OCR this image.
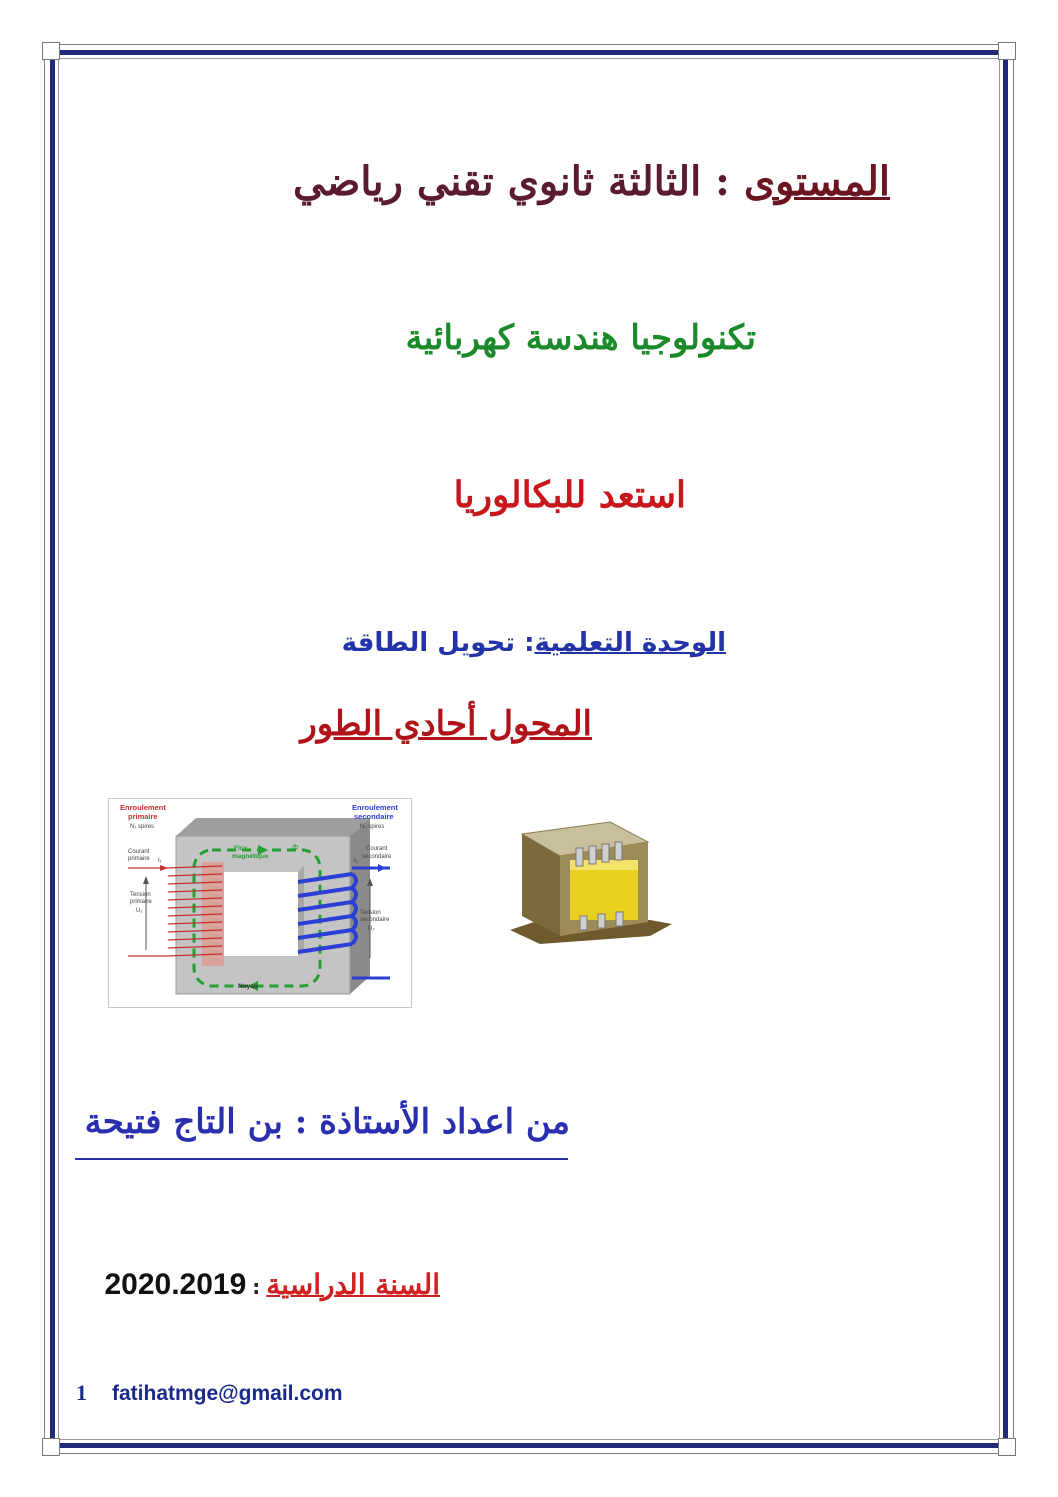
المستوى : الثالثة ثانوي تقني رياضي
تكنولوجيا هندسة كهربائية
استعد للبكالوريا
الوحدة التعلمية: تحويل الطاقة
المحول أحادي الطور
Enroulement
primaire
N₁ spires
Courant
primaire I₁
Tension
primaire
U₁
Flux
magnétique
Φ
Enroulement
secondaire
N₂ spires
Courant
secondaire
I₂
Tension
secondaire
U₂
Noyau
من اعداد الأستاذة : بن التاج فتيحة
السنة الدراسية:2020.2019
1 fatihatmge@gmail.com
